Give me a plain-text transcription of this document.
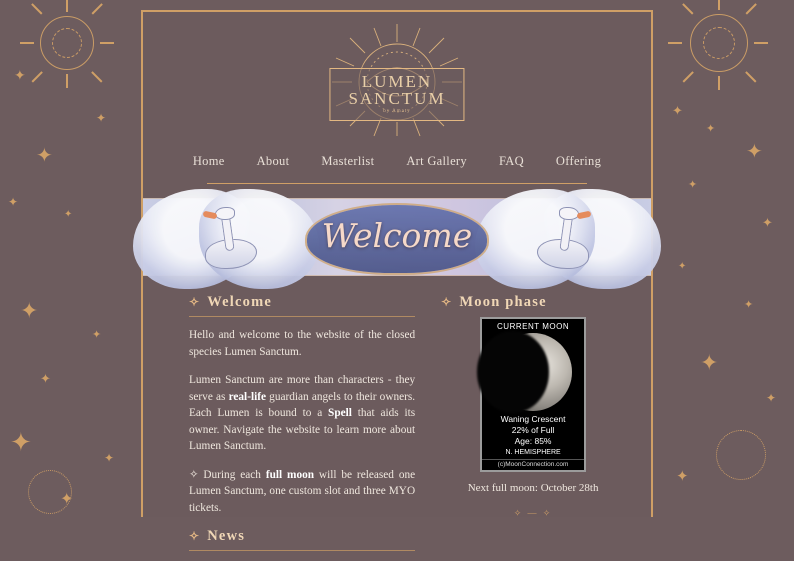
✦
✦
✦
✦
✦
✦
✦
✦
✦
✦
✦
✦
✦
✦
✦
✦
✦
✦
✦
✦
✦
LUMEN
SANCTUM
by Amaty
Home	About	Masterlist	Art Gallery	FAQ	Offering
Welcome
✧ Welcome

Hello and welcome to the website of the closed species Lumen Sanctum.

Lumen Sanctum are more than characters - they serve as real-life guardian angels to their owners. Each Lumen is bound to a Spell that aids its owner. Navigate the website to learn more about Lumen Sanctum.

✧ During each full moon will be released one Lumen Sanctum, one custom slot and three MYO tickets.

✧ News
✧ Moon phase
CURRENT MOON
Waning Crescent
22% of Full
Age: 85%
N. HEMISPHERE
(c)MoonConnection.com
Next full moon: October 28th
✧ — ✧
